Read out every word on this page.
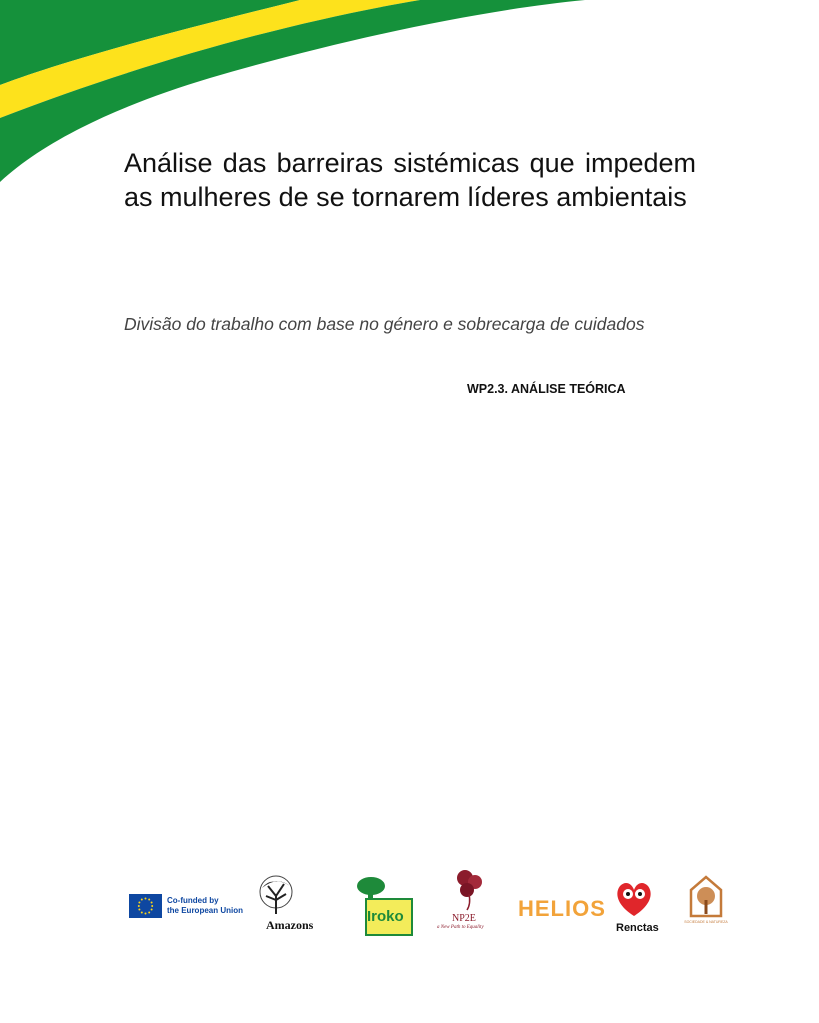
Análise das barreiras sistémicas que impedem as mulheres de se tornarem líderes ambientais

Divisão do trabalho com base no género e sobrecarga de cuidados

WP2.3. ANÁLISE TEÓRICA
Co-funded by
the European Union
Amazons	Iroko	NP2E
a New Path to Equality
HELIOS
Renctas	SOCIEDADE & NATUREZA
